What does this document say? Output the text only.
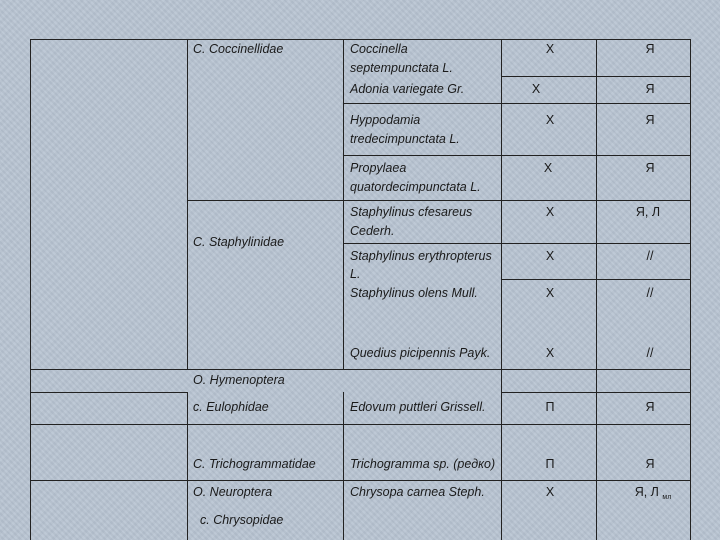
C. Coccinellidae
C. Staphylinidae
O. Hymenoptera
c. Eulophidae
C. Trichogrammatidae
O. Neuroptera
c. Chrysopidae
Coccinella
septempunctata L.
Adonia variegate Gr.
Hyppodamia
tredecimpunctata L.
Propylaea
quatordecimpunctata L.
Staphylinus cfesareus
Cederh.
Staphylinus erythropterus
L.
Staphylinus olens Mull.
Quedius picipennis Payk.
Edovum puttleri Grissell.
Trichogramma sp. (редко)
Chrysopa carnea Steph.
Х
Х
Х
Х
Х
Х
Х
Х
П
П
Х
Я
Я
Я
Я
Я, Л
//
//
//
Я
Я
Я, Л $_{мл}$
